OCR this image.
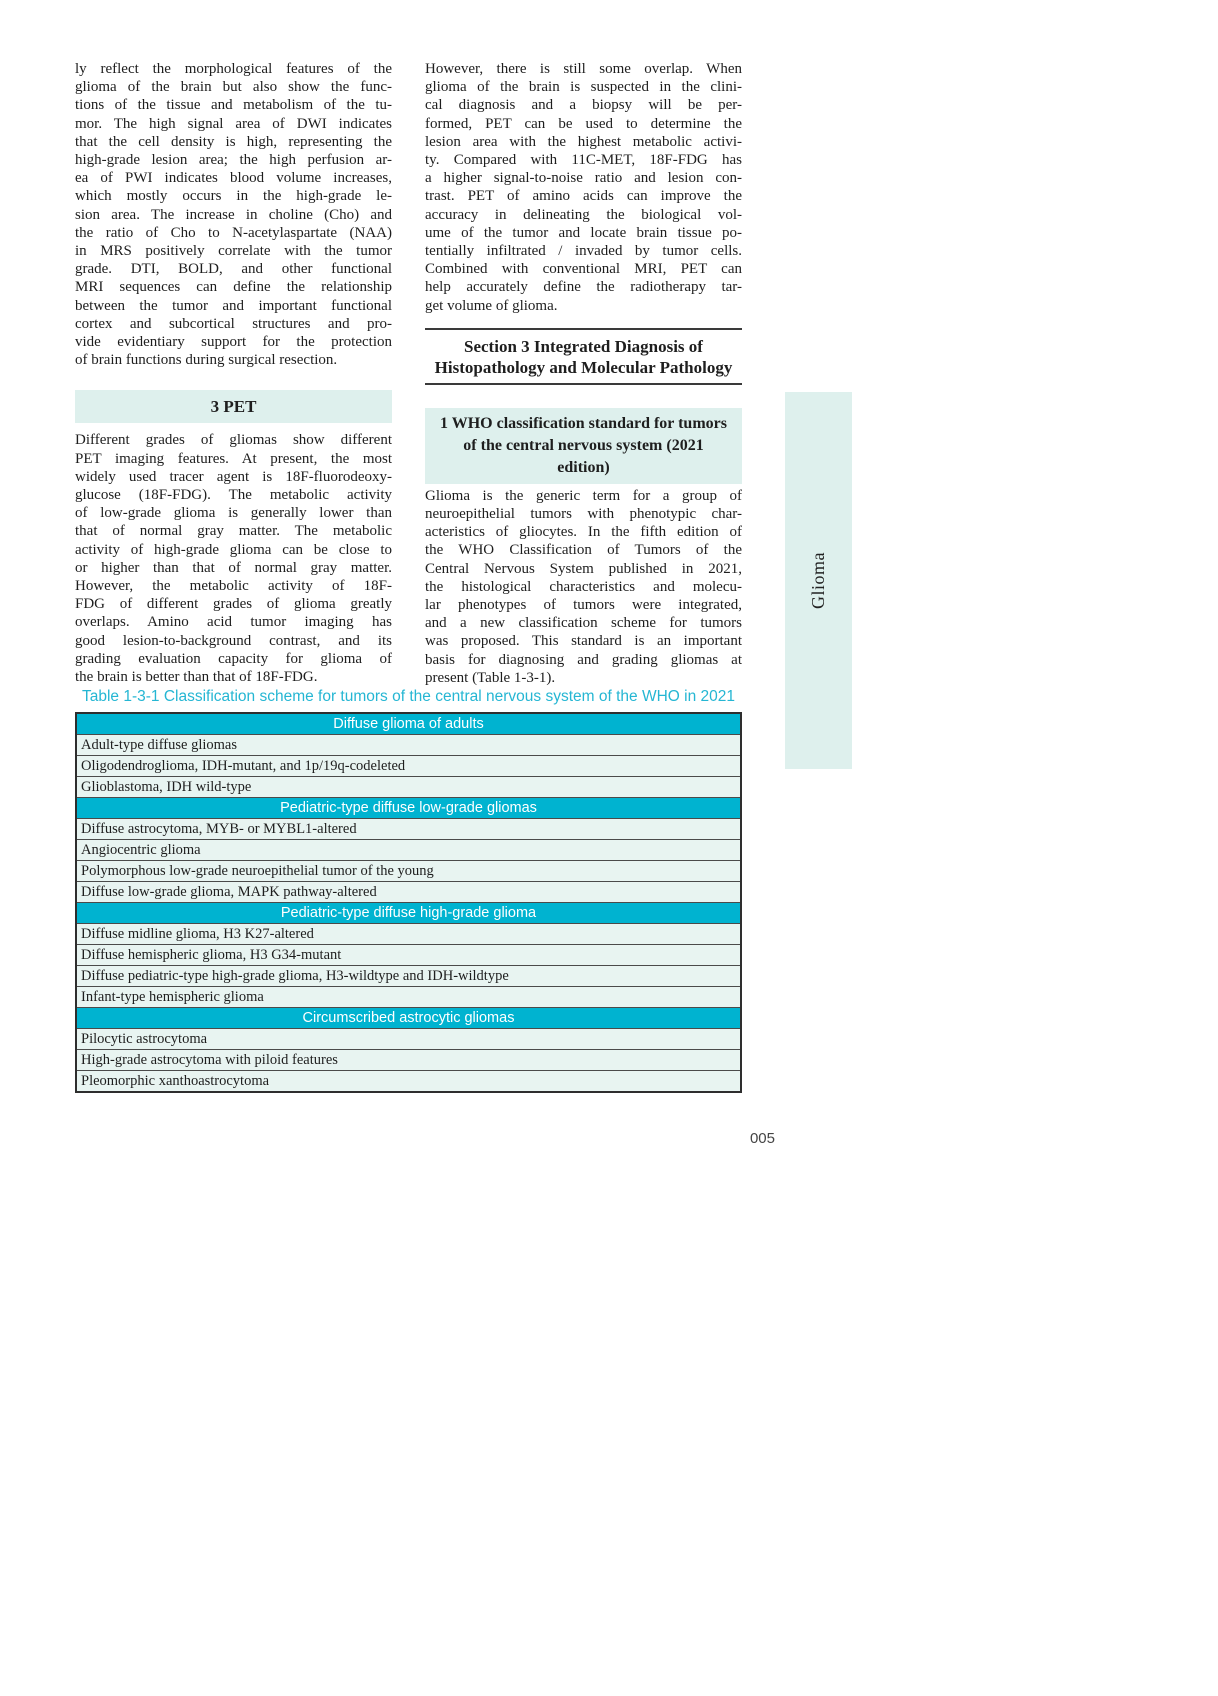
ly reflect the morphological features of the
glioma of the brain but also show the func-
tions of the tissue and metabolism of the tu-
mor. The high signal area of DWI indicates
that the cell density is high, representing the
high-grade lesion area; the high perfusion ar-
ea of PWI indicates blood volume increases,
which mostly occurs in the high-grade le-
sion area. The increase in choline (Cho) and
the ratio of Cho to N-acetylaspartate (NAA)
in MRS positively correlate with the tumor
grade. DTI, BOLD, and other functional
MRI sequences can define the relationship
between the tumor and important functional
cortex and subcortical structures and pro-
vide evidentiary support for the protection
of brain functions during surgical resection.
3 PET
Different grades of gliomas show different
PET imaging features. At present, the most
widely used tracer agent is 18F-fluorodeoxy-
glucose (18F-FDG). The metabolic activity
of low-grade glioma is generally lower than
that of normal gray matter. The metabolic
activity of high-grade glioma can be close to
or higher than that of normal gray matter.
However, the metabolic activity of 18F-
FDG of different grades of glioma greatly
overlaps. Amino acid tumor imaging has
good lesion-to-background contrast, and its
grading evaluation capacity for glioma of
the brain is better than that of 18F-FDG.
However, there is still some overlap. When
glioma of the brain is suspected in the clini-
cal diagnosis and a biopsy will be per-
formed, PET can be used to determine the
lesion area with the highest metabolic activi-
ty. Compared with 11C-MET, 18F-FDG has
a higher signal-to-noise ratio and lesion con-
trast. PET of amino acids can improve the
accuracy in delineating the biological vol-
ume of the tumor and locate brain tissue po-
tentially infiltrated / invaded by tumor cells.
Combined with conventional MRI, PET can
help accurately define the radiotherapy tar-
get volume of glioma.
Section 3 Integrated Diagnosis of
Histopathology and Molecular Pathology
1 WHO classification standard for tumors
of the central nervous system (2021
edition)
Glioma is the generic term for a group of
neuroepithelial tumors with phenotypic char-
acteristics of gliocytes. In the fifth edition of
the WHO Classification of Tumors of the
Central Nervous System published in 2021,
the histological characteristics and molecu-
lar phenotypes of tumors were integrated,
and a new classification scheme for tumors
was proposed. This standard is an important
basis for diagnosing and grading gliomas at
present (Table 1-3-1).
Glioma
Table 1-3-1 Classification scheme for tumors of the central nervous system of the WHO in 2021
Diffuse glioma of adults
Adult-type diffuse gliomas
Oligodendroglioma, IDH-mutant, and 1p/19q-codeleted
Glioblastoma, IDH wild-type
Pediatric-type diffuse low-grade gliomas
Diffuse astrocytoma, MYB- or MYBL1-altered
Angiocentric glioma
Polymorphous low-grade neuroepithelial tumor of the young
Diffuse low-grade glioma, MAPK pathway-altered
Pediatric-type diffuse high-grade glioma
Diffuse midline glioma, H3 K27-altered
Diffuse hemispheric glioma, H3 G34-mutant
Diffuse pediatric-type high-grade glioma, H3-wildtype and IDH-wildtype
Infant-type hemispheric glioma
Circumscribed astrocytic gliomas
Pilocytic astrocytoma
High-grade astrocytoma with piloid features
Pleomorphic xanthoastrocytoma
005
